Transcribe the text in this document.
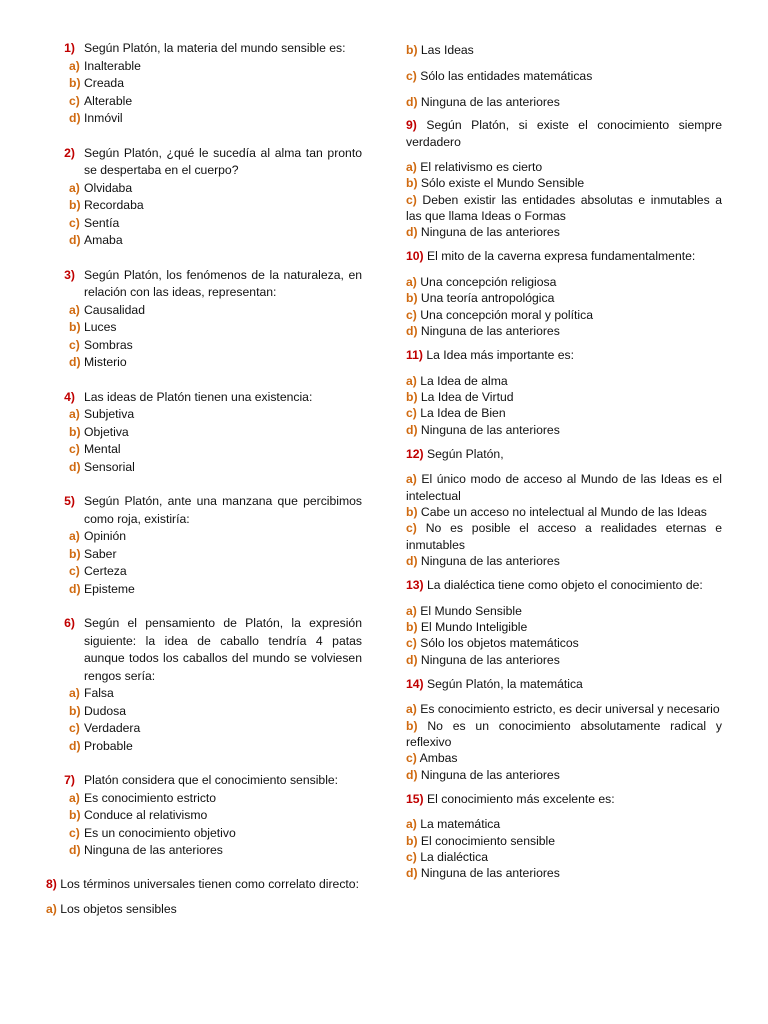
1) Según Platón, la materia del mundo sensible es:
a) Inalterable
b) Creada
c) Alterable
d) Inmóvil
2) Según Platón, ¿qué le sucedía al alma tan pronto se despertaba en el cuerpo?
a) Olvidaba
b) Recordaba
c) Sentía
d) Amaba
3) Según Platón, los fenómenos de la naturaleza, en relación con las ideas, representan:
a) Causalidad
b) Luces
c) Sombras
d) Misterio
4) Las ideas de Platón tienen una existencia:
a) Subjetiva
b) Objetiva
c) Mental
d) Sensorial
5) Según Platón, ante una manzana que percibimos como roja, existiría:
a) Opinión
b) Saber
c) Certeza
d) Episteme
6) Según el pensamiento de Platón, la expresión siguiente: la idea de caballo tendría 4 patas aunque todos los caballos del mundo se volviesen rengos sería:
a) Falsa
b) Dudosa
c) Verdadera
d) Probable
7) Platón considera que el conocimiento sensible:
a) Es conocimiento estricto
b) Conduce al relativismo
c) Es un conocimiento objetivo
d) Ninguna de las anteriores
8) Los términos universales tienen como correlato directo:
a) Los objetos sensibles
b) Las Ideas
c) Sólo las entidades matemáticas
d) Ninguna de las anteriores
9) Según Platón, si existe el conocimiento siempre verdadero
a) El relativismo es cierto
b) Sólo existe el Mundo Sensible
c) Deben existir las entidades absolutas e inmutables a las que llama Ideas o Formas
d) Ninguna de las anteriores
10) El mito de la caverna expresa fundamentalmente:
a) Una concepción religiosa
b) Una teoría antropológica
c) Una concepción moral y política
d) Ninguna de las anteriores
11) La Idea más importante es:
a) La Idea de alma
b) La Idea de Virtud
c) La Idea de Bien
d) Ninguna de las anteriores
12) Según Platón,
a) El único modo de acceso al Mundo de las Ideas es el intelectual
b) Cabe un acceso no intelectual al Mundo de las Ideas
c) No es posible el acceso a realidades eternas e inmutables
d) Ninguna de las anteriores
13) La dialéctica tiene como objeto el conocimiento de:
a) El Mundo Sensible
b) El Mundo Inteligible
c) Sólo los objetos matemáticos
d) Ninguna de las anteriores
14) Según Platón, la matemática
a) Es conocimiento estricto, es decir universal y necesario
b) No es un conocimiento absolutamente radical y reflexivo
c) Ambas
d) Ninguna de las anteriores
15) El conocimiento más excelente es:
a) La matemática
b) El conocimiento sensible
c) La dialéctica
d) Ninguna de las anteriores
